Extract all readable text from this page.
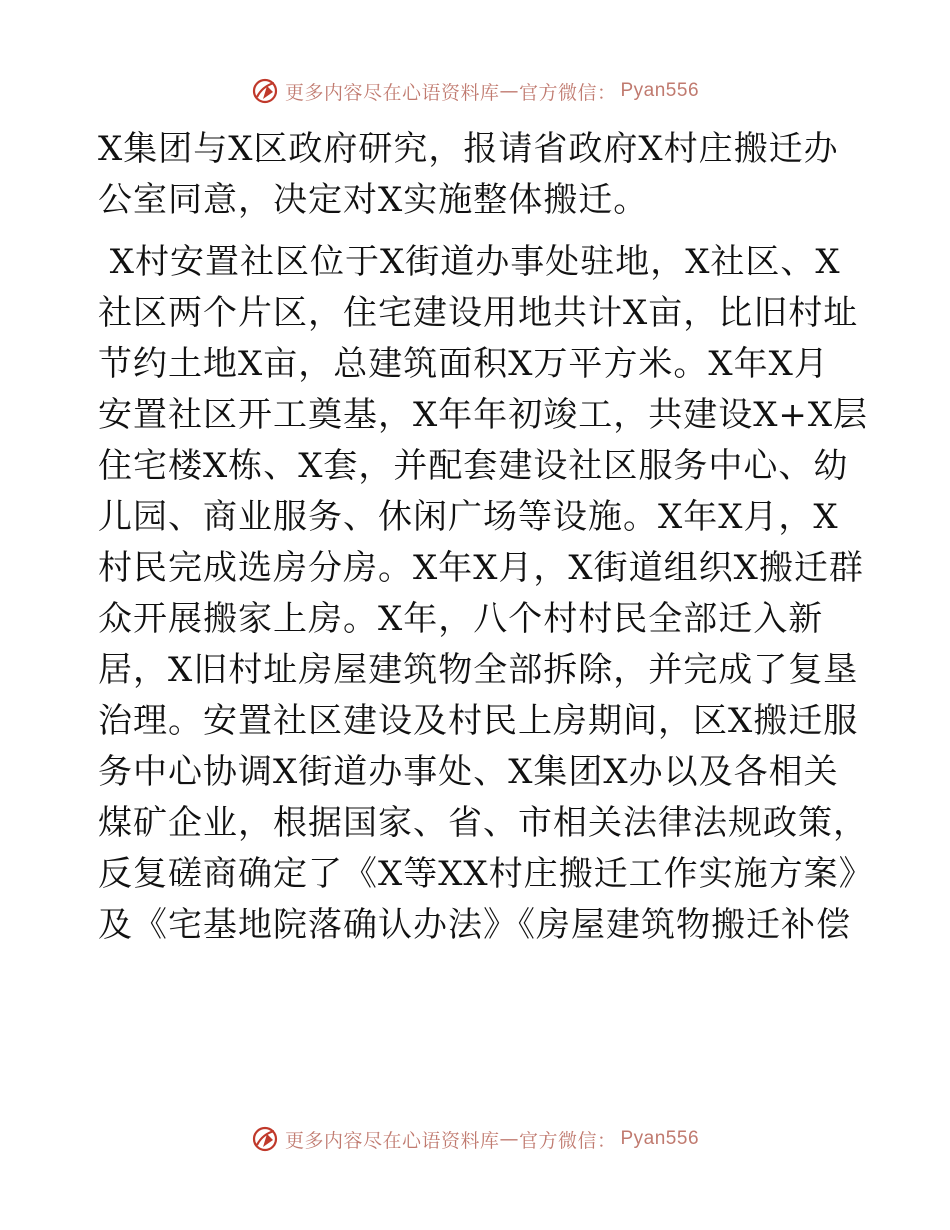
更多内容尽在心语资料库 — 官方微信： Pyan556
X集团与X区政府研究，报请省政府X村庄搬迁办
公室同意，决定对X实施整体搬迁。
X村安置社区位于X街道办事处驻地，X社区、X
社区两个片区，住宅建设用地共计X亩，比旧村址
节约土地X亩，总建筑面积X万平方米。X年X月
安置社区开工奠基，X年年初竣工，共建设X+X层
住宅楼X栋、X套，并配套建设社区服务中心、幼
儿园、商业服务、休闲广场等设施。X年X月，X
村民完成选房分房。X年X月，X街道组织X搬迁群
众开展搬家上房。X年，八个村村民全部迁入新
居，X旧村址房屋建筑物全部拆除，并完成了复垦
治理。安置社区建设及村民上房期间，区X搬迁服
务中心协调X街道办事处、X集团X办以及各相关
煤矿企业，根据国家、省、市相关法律法规政策，
反复磋商确定了《X等XX村庄搬迁工作实施方案》
及《宅基地院落确认办法》《房屋建筑物搬迁补偿
更多内容尽在心语资料库 — 官方微信： Pyan556
